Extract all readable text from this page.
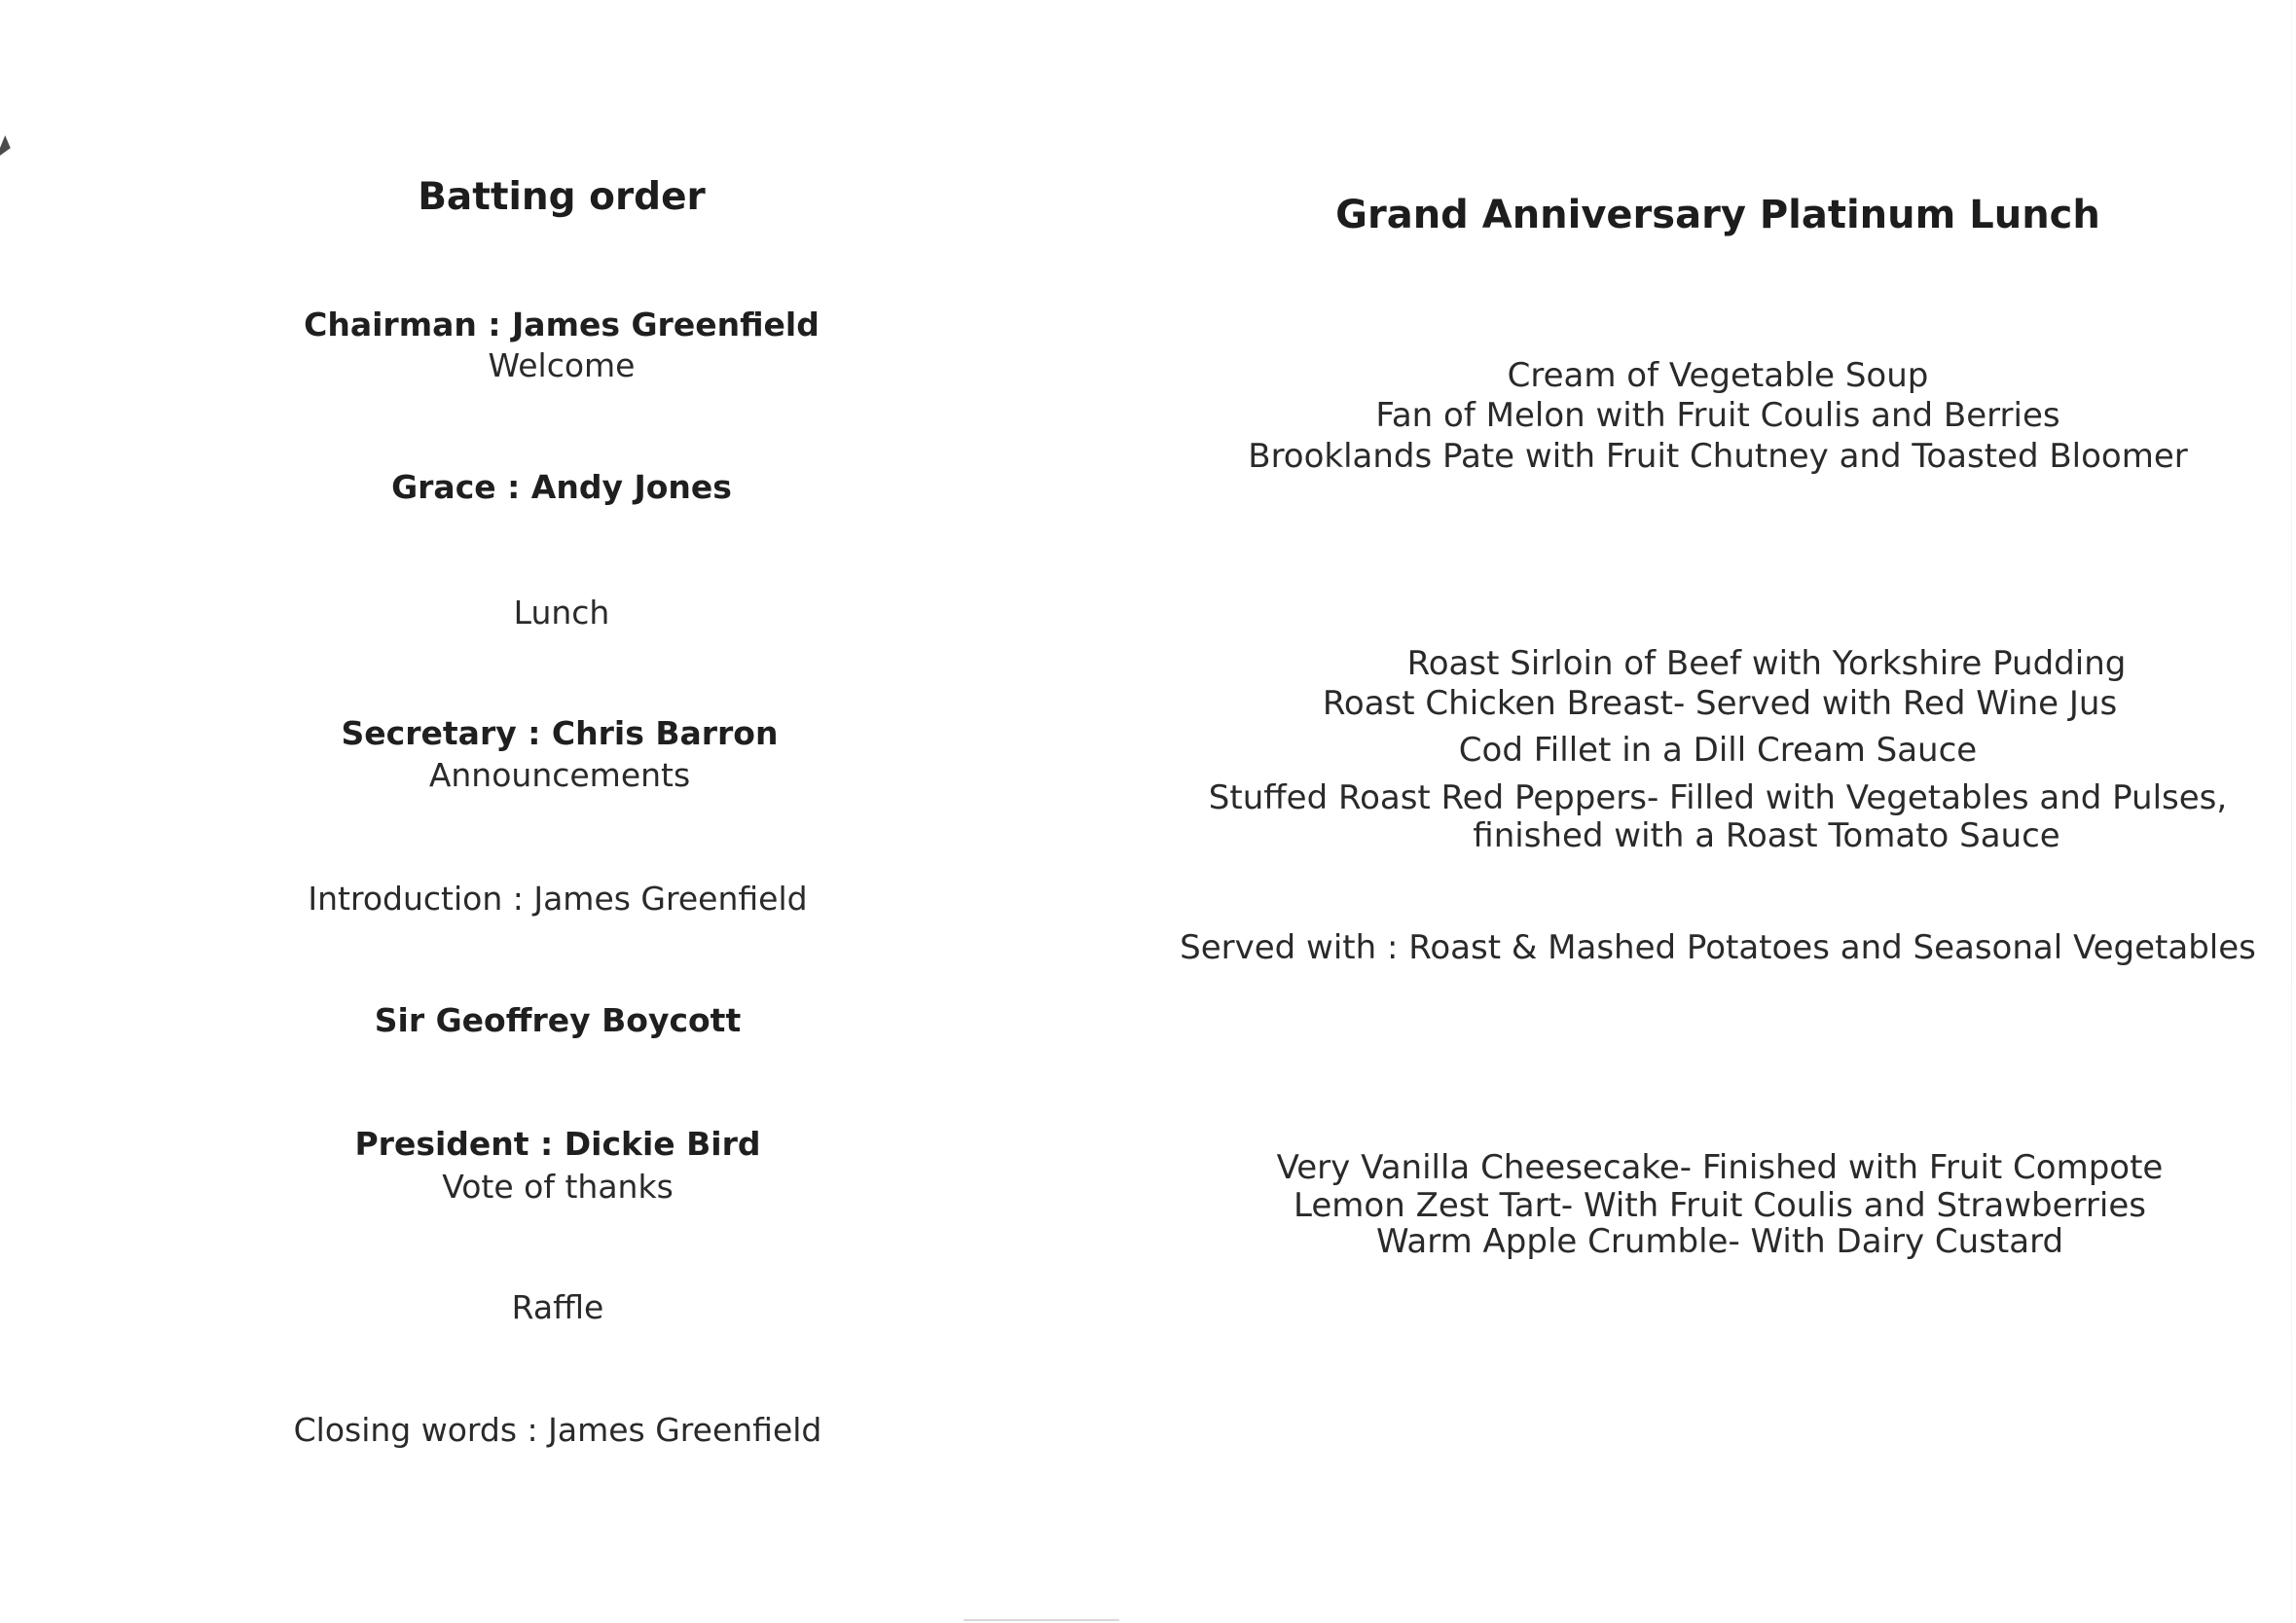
Batting order
Chairman : James Greenfield
Welcome
Grace : Andy Jones
Lunch
Secretary : Chris Barron
Announcements
Introduction : James Greenfield
Sir Geoffrey Boycott
President : Dickie Bird
Vote of thanks
Raffle
Closing words : James Greenfield
Grand Anniversary Platinum Lunch
Cream of Vegetable Soup
Fan of Melon with Fruit Coulis and Berries
Brooklands Pate with Fruit Chutney and Toasted Bloomer
Roast Sirloin of Beef with Yorkshire Pudding
Roast Chicken Breast- Served with Red Wine Jus
Cod Fillet in a Dill Cream Sauce
Stuffed Roast Red Peppers- Filled with Vegetables and Pulses,
finished with a Roast Tomato Sauce
Served with : Roast & Mashed Potatoes and Seasonal Vegetables
Very Vanilla Cheesecake- Finished with Fruit Compote
Lemon Zest Tart- With Fruit Coulis and Strawberries
Warm Apple Crumble- With Dairy Custard
